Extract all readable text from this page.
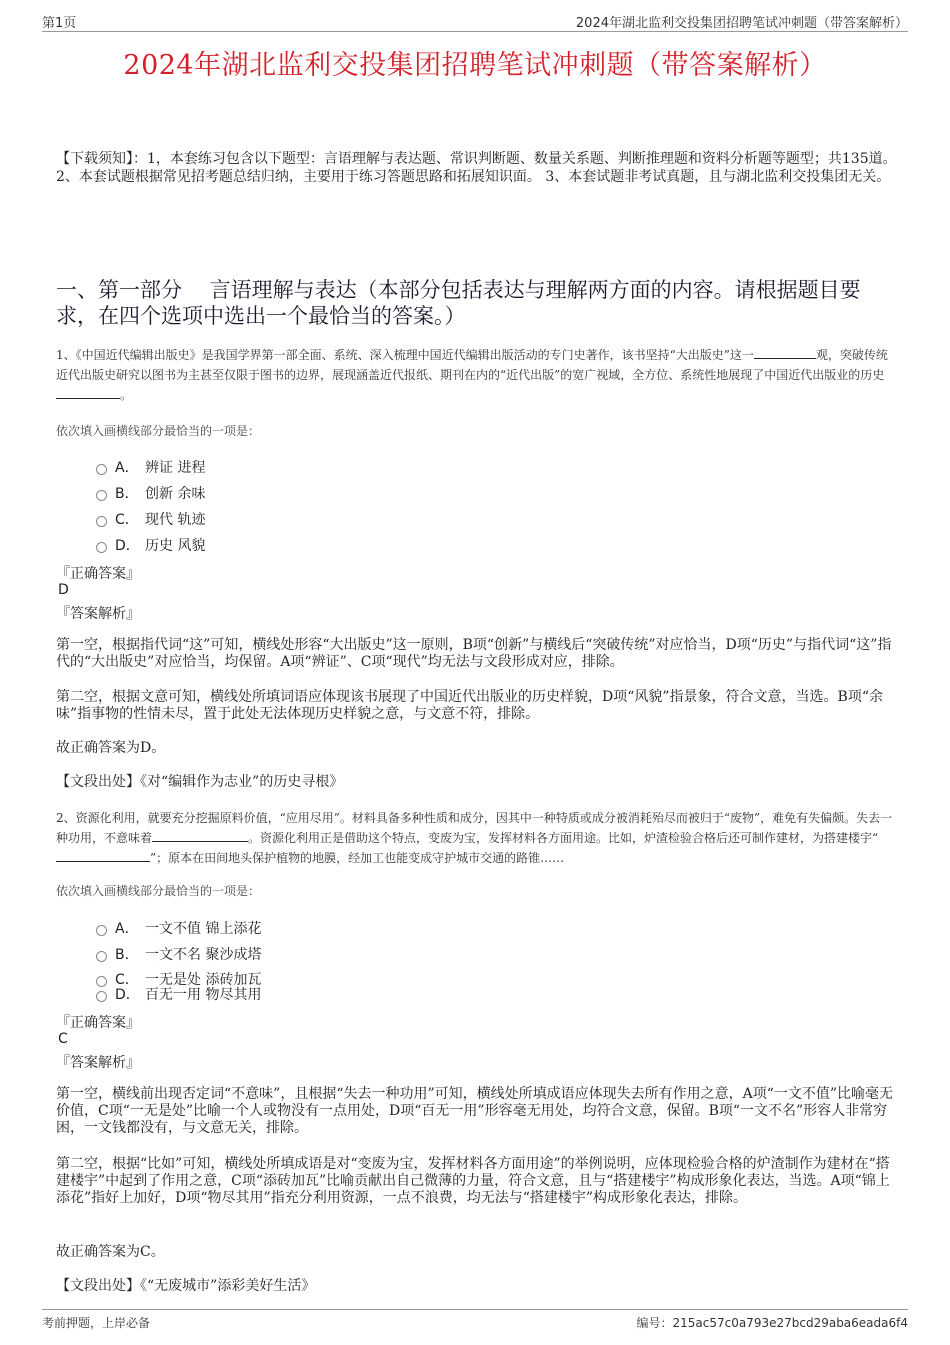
第1页	2024年湖北监利交投集团招聘笔试冲刺题（带答案解析）
2024年湖北监利交投集团招聘笔试冲刺题（带答案解析）
【下载须知】：1，本套练习包含以下题型：言语理解与表达题、常识判断题、数量关系题、判断推理题和资料分析题等题型；共135道。 2、本套试题根据常见招考题总结归纳，主要用于练习答题思路和拓展知识面。 3、本套试题非考试真题，且与湖北监利交投集团无关。
一、第一部分　 言语理解与表达（本部分包括表达与理解两方面的内容。请根据题目要求，在四个选项中选出一个最恰当的答案。）
1、《中国近代编辑出版史》是我国学界第一部全面、系统、深入梳理中国近代编辑出版活动的专门史著作，该书坚持“大出版史”这一	观，突破传统近代出版史研究以图书为主甚至仅限于图书的边界，展现涵盖近代报纸、期刊在内的“近代出版”的宽广视域，全方位、系统性地展现了中国近代出版业的历史。
依次填入画横线部分最恰当的一项是：
A． 辨证 进程
B． 创新 余味
C． 现代 轨迹
D． 历史 风貌
『正确答案』
D
『答案解析』
第一空，根据指代词“这”可知，横线处形容“大出版史”这一原则，B项“创新”与横线后“突破传统”对应恰当，D项“历史”与指代词“这”指代的“大出版史”对应恰当，均保留。A项“辨证”、C项“现代”均无法与文段形成对应，排除。
第二空，根据文意可知，横线处所填词语应体现该书展现了中国近代出版业的历史样貌，D项“风貌”指景象，符合文意，当选。B项“余味”指事物的性情未尽，置于此处无法体现历史样貌之意，与文意不符，排除。
故正确答案为D。
【文段出处】《对“编辑作为志业”的历史寻根》
2、资源化利用，就要充分挖掘原料价值，“应用尽用”。材料具备多种性质和成分，因其中一种特质或成分被消耗殆尽而被归于“废物”，难免有失偏颇。失去一种功用，不意味着	。资源化利用正是借助这个特点，变废为宝，发挥材料各方面用途。比如，炉渣检验合格后还可制作建材，为搭建楼宇“”；原本在田间地头保护植物的地膜，经加工也能变成守护城市交通的路锥……
依次填入画横线部分最恰当的一项是：
A． 一文不值 锦上添花
B． 一文不名 聚沙成塔
C． 一无是处 添砖加瓦
D． 百无一用 物尽其用
『正确答案』
C
『答案解析』
第一空，横线前出现否定词“不意味”，且根据“失去一种功用”可知，横线处所填成语应体现失去所有作用之意，A项“一文不值”比喻毫无价值，C项“一无是处”比喻一个人或物没有一点用处，D项“百无一用”形容毫无用处，均符合文意，保留。B项“一文不名”形容人非常穷困，一文钱都没有，与文意无关，排除。
第二空，根据“比如”可知，横线处所填成语是对“变废为宝，发挥材料各方面用途”的举例说明，应体现检验合格的炉渣制作为建材在“搭建楼宇”中起到了作用之意，C项“添砖加瓦”比喻贡献出自己微薄的力量，符合文意，且与“搭建楼宇”构成形象化表达，当选。A项“锦上添花”指好上加好，D项“物尽其用”指充分利用资源，一点不浪费，均无法与“搭建楼宇”构成形象化表达，排除。
故正确答案为C。
【文段出处】《“无废城市”添彩美好生活》
考前押题，上岸必备	编号：215ac57c0a793e27bcd29aba6eada6f4
